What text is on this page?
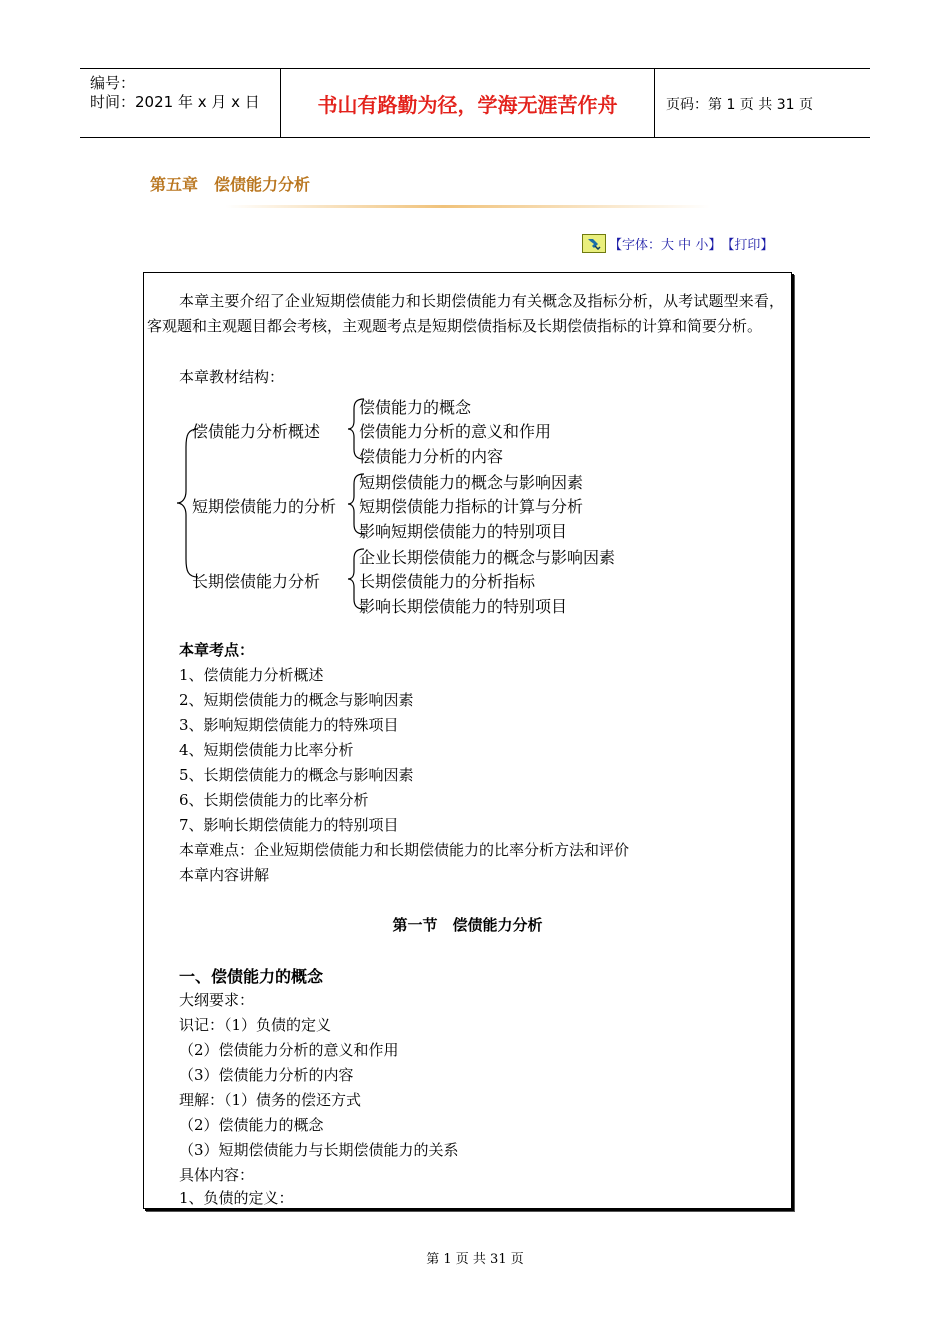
编号：
时间：2021 年 x 月 x 日	书山有路勤为径，学海无涯苦作舟	页码：第 1 页 共 31 页
第五章　偿债能力分析
【字体： 大
中
小 】 【打印】
本章主要介绍了企业短期偿债能力和长期偿债能力有关概念及指标分析，从考试题型来看，客观题和主观题目都会考核，主观题考点是短期偿债指标及长期偿债指标的计算和简要分析。
本章教材结构：
偿债能力分析概述
偿债能力的概念
偿债能力分析的意义和作用
偿债能力分析的内容
短期偿债能力的分析
短期偿债能力的概念与影响因素
短期偿债能力指标的计算与分析
影响短期偿债能力的特别项目
长期偿债能力分析
企业长期偿债能力的概念与影响因素
长期偿债能力的分析指标
影响长期偿债能力的特别项目
本章考点：
1、偿债能力分析概述
2、短期偿债能力的概念与影响因素
3、影响短期偿债能力的特殊项目
4、短期偿债能力比率分析
5、长期偿债能力的概念与影响因素
6、长期偿债能力的比率分析
7、影响长期偿债能力的特别项目
本章难点：企业短期偿债能力和长期偿债能力的比率分析方法和评价
本章内容讲解
第一节　偿债能力分析
一、偿债能力的概念
大纲要求：
识记：（1）负债的定义
（2）偿债能力分析的意义和作用
（3）偿债能力分析的内容
理解：（1）债务的偿还方式
（2）偿债能力的概念
（3）短期偿债能力与长期偿债能力的关系
具体内容：
1、负债的定义：
第 1 页 共 31 页
